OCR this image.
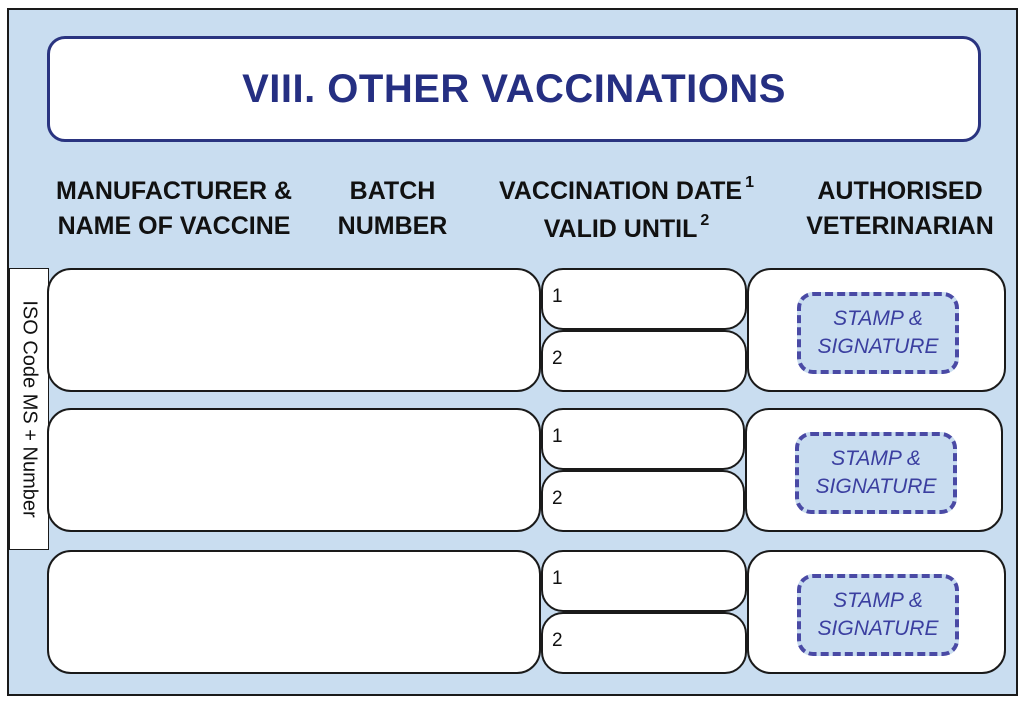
VIII. OTHER VACCINATIONS
MANUFACTURER &
NAME OF VACCINE
BATCH
NUMBER
VACCINATION DATE $^1$
VALID UNTIL $^2$
AUTHORISED
VETERINARIAN
ISO Code MS + Number
1
2
STAMP &
SIGNATURE
1
2
STAMP &
SIGNATURE
1
2
STAMP &
SIGNATURE
